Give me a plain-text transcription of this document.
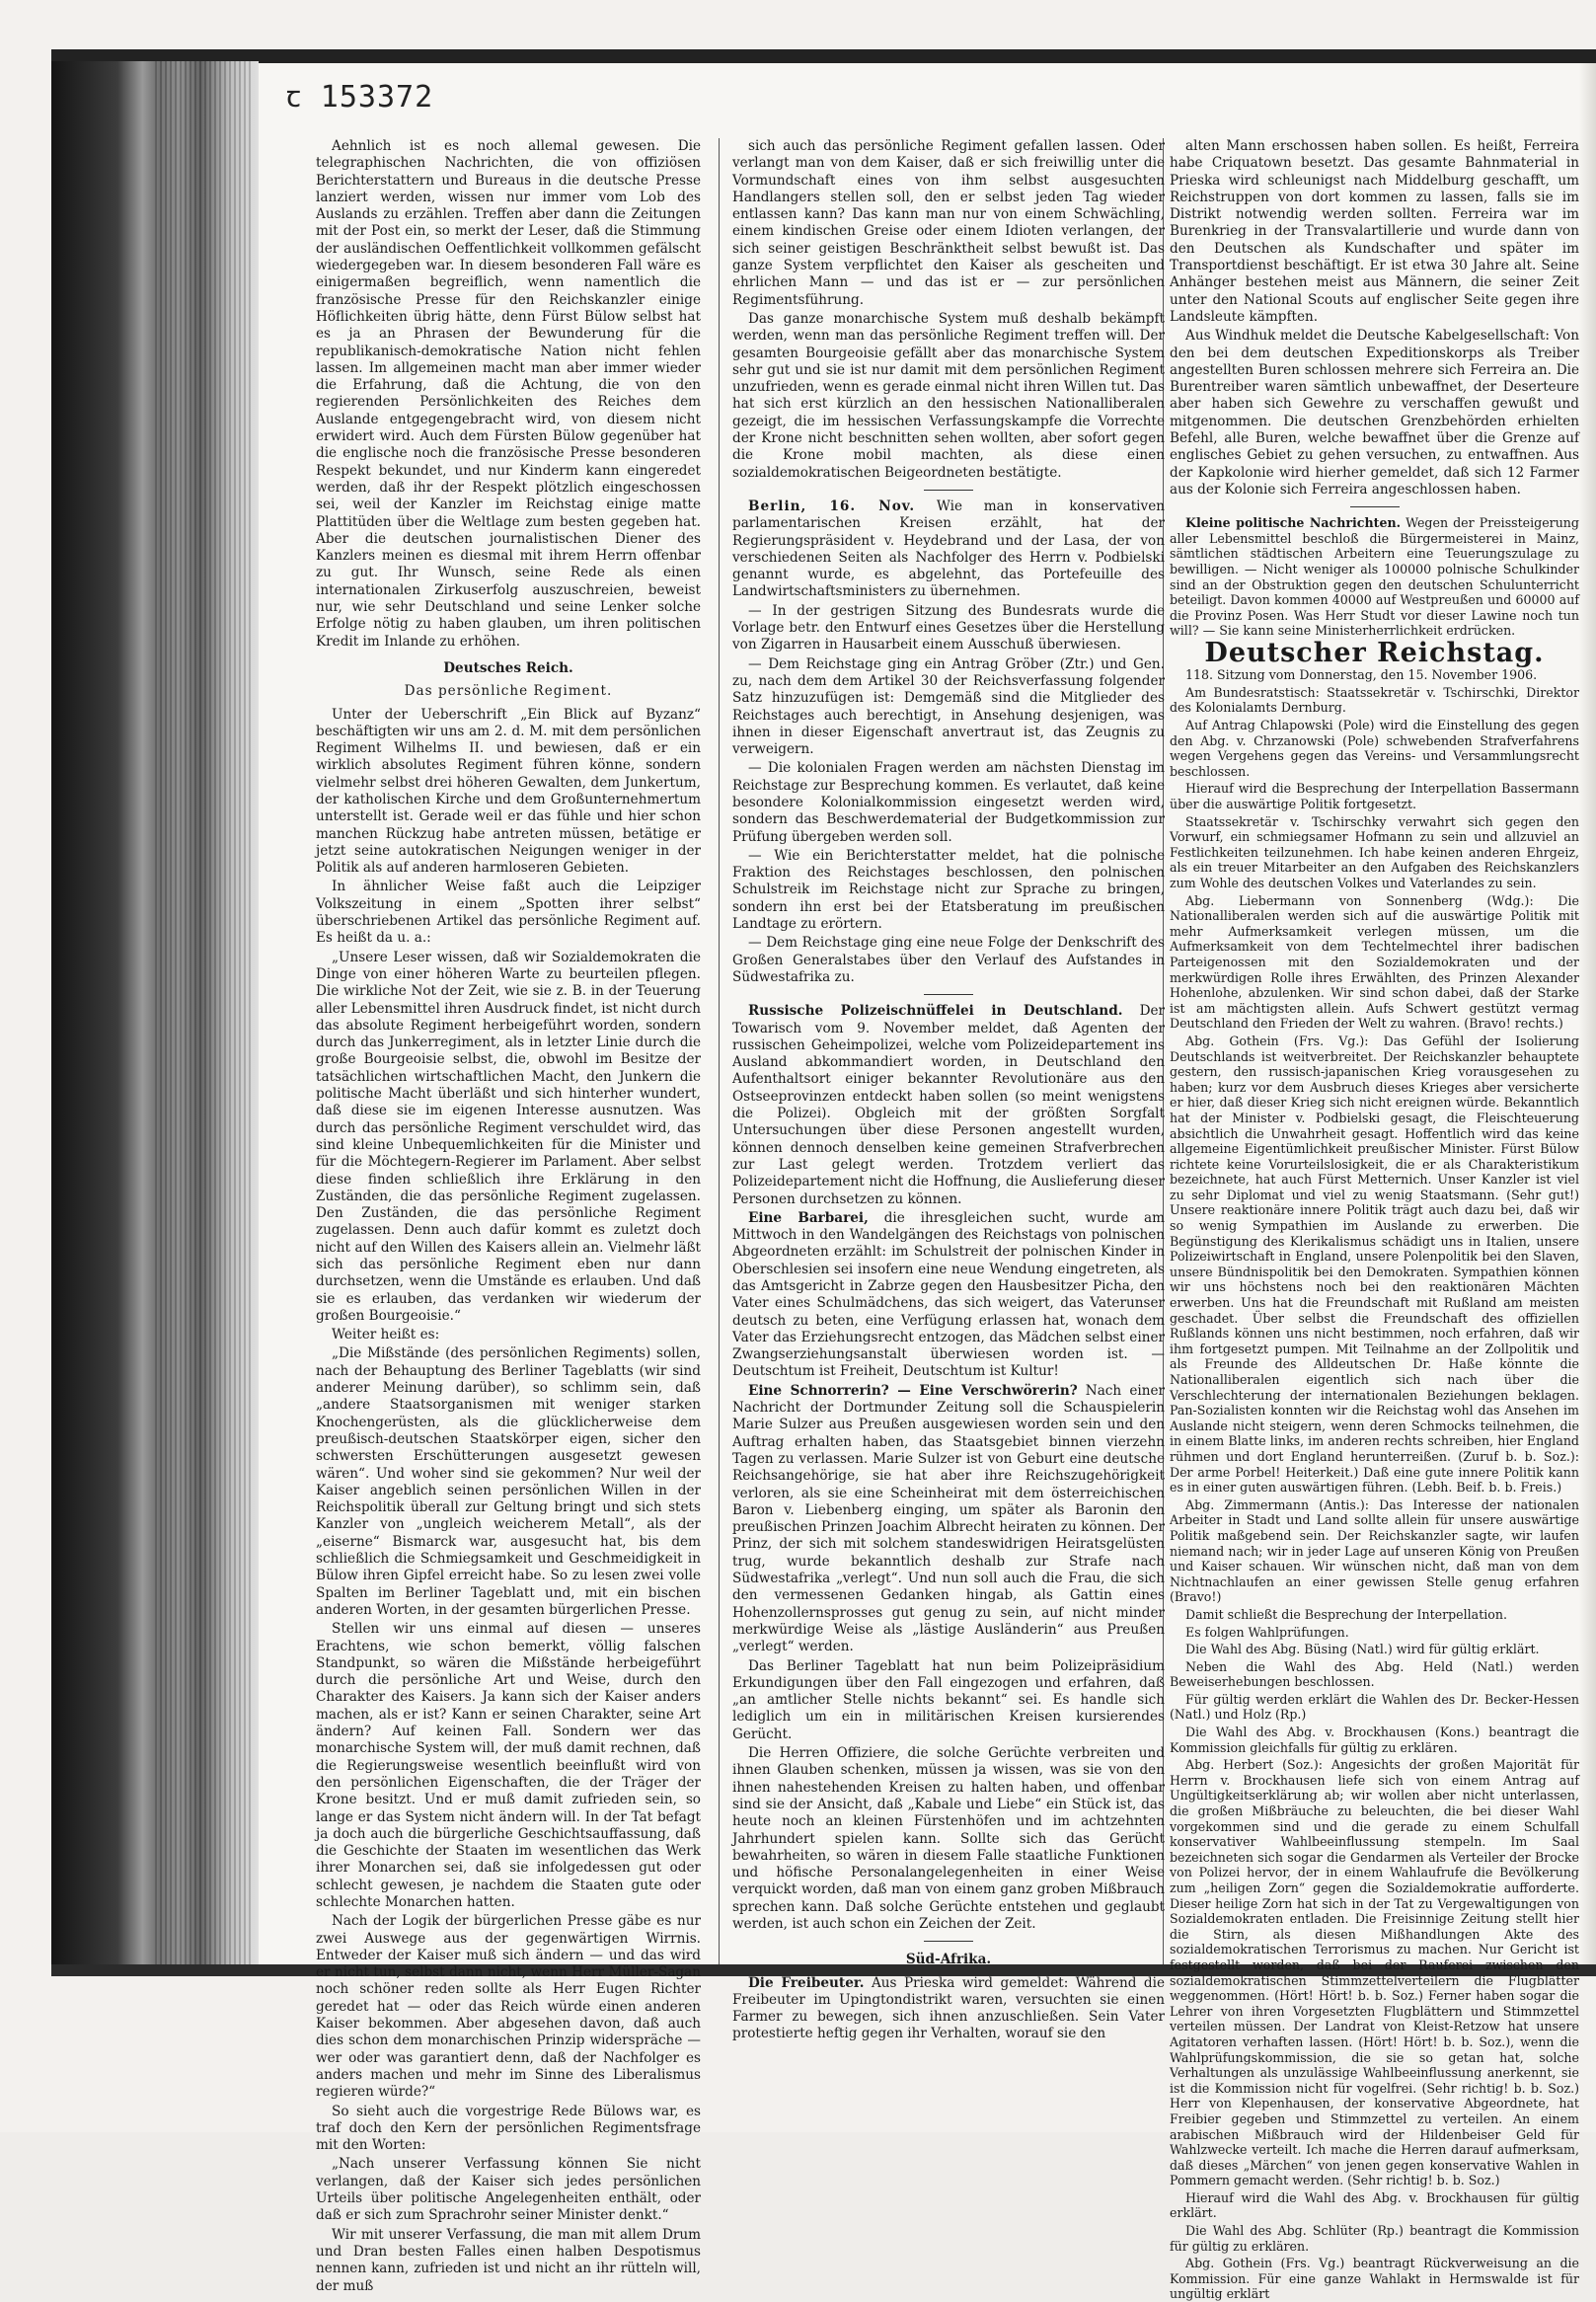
ꞇ 153372

Aehnlich ist es noch allemal gewesen. Die telegraphischen Nachrichten, die von offiziösen Berichterstattern und Bureaus in die deutsche Presse lanziert werden, wissen nur immer vom Lob des Auslands zu erzählen. Treffen aber dann die Zeitungen mit der Post ein, so merkt der Leser, daß die Stimmung der ausländischen Oeffentlichkeit vollkommen gefälscht wiedergegeben war. In diesem besonderen Fall wäre es einigermaßen begreiflich, wenn namentlich die französische Presse für den Reichskanzler einige Höflichkeiten übrig hätte, denn Fürst Bülow selbst hat es ja an Phrasen der Bewunderung für die republikanisch-demokratische Nation nicht fehlen lassen. Im allgemeinen macht man aber immer wieder die Erfahrung, daß die Achtung, die von den regierenden Persönlichkeiten des Reiches dem Auslande entgegengebracht wird, von diesem nicht erwidert wird. Auch dem Fürsten Bülow gegenüber hat die englische noch die französische Presse besonderen Respekt bekundet, und nur Kinderm kann eingeredet werden, daß ihr der Respekt plötzlich eingeschossen sei, weil der Kanzler im Reichstag einige matte Plattitüden über die Weltlage zum besten gegeben hat. Aber die deutschen journalistischen Diener des Kanzlers meinen es diesmal mit ihrem Herrn offenbar zu gut. Ihr Wunsch, seine Rede als einen internationalen Zirkuserfolg auszuschreien, beweist nur, wie sehr Deutschland und seine Lenker solche Erfolge nötig zu haben glauben, um ihren politischen Kredit im Inlande zu erhöhen.

Deutsches Reich.
Das persönliche Regiment.

Unter der Ueberschrift „Ein Blick auf Byzanz“ beschäftigten wir uns am 2. d. M. mit dem persönlichen Regiment Wilhelms II. und bewiesen, daß er ein wirklich absolutes Regiment führen könne, sondern vielmehr selbst drei höheren Gewalten, dem Junkertum, der katholischen Kirche und dem Großunternehmertum unterstellt ist. Gerade weil er das fühle und hier schon manchen Rückzug habe antreten müssen, betätige er jetzt seine autokratischen Neigungen weniger in der Politik als auf anderen harmloseren Gebieten.

In ähnlicher Weise faßt auch die Leipziger Volkszeitung in einem „Spotten ihrer selbst“ überschriebenen Artikel das persönliche Regiment auf. Es heißt da u. a.:

„Unsere Leser wissen, daß wir Sozialdemokraten die Dinge von einer höheren Warte zu beurteilen pflegen. Die wirkliche Not der Zeit, wie sie z. B. in der Teuerung aller Lebensmittel ihren Ausdruck findet, ist nicht durch das absolute Regiment herbeigeführt worden, sondern durch das Junkerregiment, als in letzter Linie durch die große Bourgeoisie selbst, die, obwohl im Besitze der tatsächlichen wirtschaftlichen Macht, den Junkern die politische Macht überläßt und sich hinterher wundert, daß diese sie im eigenen Interesse ausnutzen. Was durch das persönliche Regiment verschuldet wird, das sind kleine Unbequemlichkeiten für die Minister und für die Möchtegern-Regierer im Parlament. Aber selbst diese finden schließlich ihre Erklärung in den Zuständen, die das persönliche Regiment zugelassen. Den Zuständen, die das persönliche Regiment zugelassen. Denn auch dafür kommt es zuletzt doch nicht auf den Willen des Kaisers allein an. Vielmehr läßt sich das persönliche Regiment eben nur dann durchsetzen, wenn die Umstände es erlauben. Und daß sie es erlauben, das verdanken wir wiederum der großen Bourgeoisie.“

Weiter heißt es:

„Die Mißstände (des persönlichen Regiments) sollen, nach der Behauptung des Berliner Tageblatts (wir sind anderer Meinung darüber), so schlimm sein, daß „andere Staatsorganismen mit weniger starken Knochengerüsten, als die glücklicherweise dem preußisch-deutschen Staatskörper eigen, sicher den schwersten Erschütterungen ausgesetzt gewesen wären“. Und woher sind sie gekommen? Nur weil der Kaiser angeblich seinen persönlichen Willen in der Reichspolitik überall zur Geltung bringt und sich stets Kanzler von „ungleich weicherem Metall“, als der „eiserne“ Bismarck war, ausgesucht hat, bis dem schließlich die Schmiegsamkeit und Geschmeidigkeit in Bülow ihren Gipfel erreicht habe. So zu lesen zwei volle Spalten im Berliner Tageblatt und, mit ein bischen anderen Worten, in der gesamten bürgerlichen Presse.

Stellen wir uns einmal auf diesen — unseres Erachtens, wie schon bemerkt, völlig falschen Standpunkt, so wären die Mißstände herbeigeführt durch die persönliche Art und Weise, durch den Charakter des Kaisers. Ja kann sich der Kaiser anders machen, als er ist? Kann er seinen Charakter, seine Art ändern? Auf keinen Fall. Sondern wer das monarchische System will, der muß damit rechnen, daß die Regierungsweise wesentlich beeinflußt wird von den persönlichen Eigenschaften, die der Träger der Krone besitzt. Und er muß damit zufrieden sein, so lange er das System nicht ändern will. In der Tat befagt ja doch auch die bürgerliche Geschichtsauffassung, daß die Geschichte der Staaten im wesentlichen das Werk ihrer Monarchen sei, daß sie infolgedessen gut oder schlecht gewesen, je nachdem die Staaten gute oder schlechte Monarchen hatten.

Nach der Logik der bürgerlichen Presse gäbe es nur zwei Auswege aus der gegenwärtigen Wirrnis. Entweder der Kaiser muß sich ändern — und das wird er nicht tun, selbst dann nicht, wenn Herr Müller-Sagan noch schöner reden sollte als Herr Eugen Richter geredet hat — oder das Reich würde einen anderen Kaiser bekommen. Aber abgesehen davon, daß auch dies schon dem monarchischen Prinzip widerspräche — wer oder was garantiert denn, daß der Nachfolger es anders machen und mehr im Sinne des Liberalismus regieren würde?“

So sieht auch die vorgestrige Rede Bülows war, es traf doch den Kern der persönlichen Regimentsfrage mit den Worten:

„Nach unserer Verfassung können Sie nicht verlangen, daß der Kaiser sich jedes persönlichen Urteils über politische Angelegenheiten enthält, oder daß er sich zum Sprachrohr seiner Minister denkt.“

Wir mit unserer Verfassung, die man mit allem Drum und Dran besten Falles einen halben Despotismus nennen kann, zufrieden ist und nicht an ihr rütteln will, der muß

sich auch das persönliche Regiment gefallen lassen. Oder verlangt man von dem Kaiser, daß er sich freiwillig unter die Vormundschaft eines von ihm selbst ausgesuchten Handlangers stellen soll, den er selbst jeden Tag wieder entlassen kann? Das kann man nur von einem Schwächling, einem kindischen Greise oder einem Idioten verlangen, der sich seiner geistigen Beschränktheit selbst bewußt ist. Das ganze System verpflichtet den Kaiser als gescheiten und ehrlichen Mann — und das ist er — zur persönlichen Regimentsführung.

Das ganze monarchische System muß deshalb bekämpft werden, wenn man das persönliche Regiment treffen will. Der gesamten Bourgeoisie gefällt aber das monarchische System sehr gut und sie ist nur damit mit dem persönlichen Regiment unzufrieden, wenn es gerade einmal nicht ihren Willen tut. Das hat sich erst kürzlich an den hessischen Nationalliberalen gezeigt, die im hessischen Verfassungskampfe die Vorrechte der Krone nicht beschnitten sehen wollten, aber sofort gegen die Krone mobil machten, als diese einen sozialdemokratischen Beigeordneten bestätigte.

Berlin, 16. Nov. Wie man in konservativen parlamentarischen Kreisen erzählt, hat der Regierungspräsident v. Heydebrand und der Lasa, der von verschiedenen Seiten als Nachfolger des Herrn v. Podbielski genannt wurde, es abgelehnt, das Portefeuille des Landwirtschaftsministers zu übernehmen.

— In der gestrigen Sitzung des Bundesrats wurde die Vorlage betr. den Entwurf eines Gesetzes über die Herstellung von Zigarren in Hausarbeit einem Ausschuß überwiesen.

— Dem Reichstage ging ein Antrag Gröber (Ztr.) und Gen. zu, nach dem dem Artikel 30 der Reichsverfassung folgender Satz hinzuzufügen ist: Demgemäß sind die Mitglieder des Reichstages auch berechtigt, in Ansehung desjenigen, was ihnen in dieser Eigenschaft anvertraut ist, das Zeugnis zu verweigern.

— Die kolonialen Fragen werden am nächsten Dienstag im Reichstage zur Besprechung kommen. Es verlautet, daß keine besondere Kolonialkommission eingesetzt werden wird, sondern das Beschwerdematerial der Budgetkommission zur Prüfung übergeben werden soll.

— Wie ein Berichterstatter meldet, hat die polnische Fraktion des Reichstages beschlossen, den polnischen Schulstreik im Reichstage nicht zur Sprache zu bringen, sondern ihn erst bei der Etatsberatung im preußischen Landtage zu erörtern.

— Dem Reichstage ging eine neue Folge der Denkschrift des Großen Generalstabes über den Verlauf des Aufstandes in Südwestafrika zu.

Russische Polizeischnüffelei in Deutschland. Der Towarisch vom 9. November meldet, daß Agenten der russischen Geheimpolizei, welche vom Polizeidepartement ins Ausland abkommandiert worden, in Deutschland den Aufenthaltsort einiger bekannter Revolutionäre aus den Ostseeprovinzen entdeckt haben sollen (so meint wenigstens die Polizei). Obgleich mit der größten Sorgfalt Untersuchungen über diese Personen angestellt wurden, können dennoch denselben keine gemeinen Strafverbrechen zur Last gelegt werden. Trotzdem verliert das Polizeidepartement nicht die Hoffnung, die Auslieferung dieser Personen durchsetzen zu können.

Eine Barbarei, die ihresgleichen sucht, wurde am Mittwoch in den Wandelgängen des Reichstags von polnischen Abgeordneten erzählt: im Schulstreit der polnischen Kinder in Oberschlesien sei insofern eine neue Wendung eingetreten, als das Amtsgericht in Zabrze gegen den Hausbesitzer Picha, den Vater eines Schulmädchens, das sich weigert, das Vaterunser deutsch zu beten, eine Verfügung erlassen hat, wonach dem Vater das Erziehungsrecht entzogen, das Mädchen selbst einer Zwangserziehungsanstalt überwiesen worden ist. — Deutschtum ist Freiheit, Deutschtum ist Kultur!

Eine Schnorrerin? — Eine Verschwörerin? Nach einer Nachricht der Dortmunder Zeitung soll die Schauspielerin Marie Sulzer aus Preußen ausgewiesen worden sein und den Auftrag erhalten haben, das Staatsgebiet binnen vierzehn Tagen zu verlassen. Marie Sulzer ist von Geburt eine deutsche Reichsangehörige, sie hat aber ihre Reichszugehörigkeit verloren, als sie eine Scheinheirat mit dem österreichischen Baron v. Liebenberg einging, um später als Baronin den preußischen Prinzen Joachim Albrecht heiraten zu können. Der Prinz, der sich mit solchem standeswidrigen Heiratsgelüsten trug, wurde bekanntlich deshalb zur Strafe nach Südwestafrika „verlegt“. Und nun soll auch die Frau, die sich den vermessenen Gedanken hingab, als Gattin eines Hohenzollernsprosses gut genug zu sein, auf nicht minder merkwürdige Weise als „lästige Ausländerin“ aus Preußen „verlegt“ werden.

Das Berliner Tageblatt hat nun beim Polizeipräsidium Erkundigungen über den Fall eingezogen und erfahren, daß „an amtlicher Stelle nichts bekannt“ sei. Es handle sich lediglich um ein in militärischen Kreisen kursierendes Gerücht.

Die Herren Offiziere, die solche Gerüchte verbreiten und ihnen Glauben schenken, müssen ja wissen, was sie von den ihnen nahestehenden Kreisen zu halten haben, und offenbar sind sie der Ansicht, daß „Kabale und Liebe“ ein Stück ist, das heute noch an kleinen Fürstenhöfen und im achtzehnten Jahrhundert spielen kann. Sollte sich das Gerücht bewahrheiten, so wären in diesem Falle staatliche Funktionen und höfische Personalangelegenheiten in einer Weise verquickt worden, daß man von einem ganz groben Mißbrauch sprechen kann. Daß solche Gerüchte entstehen und geglaubt werden, ist auch schon ein Zeichen der Zeit.

Süd-Afrika.

Die Freibeuter. Aus Prieska wird gemeldet: Während die Freibeuter im Upingtondistrikt waren, versuchten sie einen Farmer zu bewegen, sich ihnen anzuschließen. Sein Vater protestierte heftig gegen ihr Verhalten, worauf sie den

alten Mann erschossen haben sollen. Es heißt, Ferreira habe Criquatown besetzt. Das gesamte Bahnmaterial in Prieska wird schleunigst nach Middelburg geschafft, um Reichstruppen von dort kommen zu lassen, falls sie im Distrikt notwendig werden sollten. Ferreira war im Burenkrieg in der Transvalartillerie und wurde dann von den Deutschen als Kundschafter und später im Transportdienst beschäftigt. Er ist etwa 30 Jahre alt. Seine Anhänger bestehen meist aus Männern, die seiner Zeit unter den National Scouts auf englischer Seite gegen ihre Landsleute kämpften.

Aus Windhuk meldet die Deutsche Kabelgesellschaft: Von den bei dem deutschen Expeditionskorps als Treiber angestellten Buren schlossen mehrere sich Ferreira an. Die Burentreiber waren sämtlich unbewaffnet, der Deserteure aber haben sich Gewehre zu verschaffen gewußt und mitgenommen. Die deutschen Grenzbehörden erhielten Befehl, alle Buren, welche bewaffnet über die Grenze auf englisches Gebiet zu gehen versuchen, zu entwaffnen. Aus der Kapkolonie wird hierher gemeldet, daß sich 12 Farmer aus der Kolonie sich Ferreira angeschlossen haben.

Kleine politische Nachrichten. Wegen der Preissteigerung aller Lebensmittel beschloß die Bürgermeisterei in Mainz, sämtlichen städtischen Arbeitern eine Teuerungszulage zu bewilligen. — Nicht weniger als 100000 polnische Schulkinder sind an der Obstruktion gegen den deutschen Schulunterricht beteiligt. Davon kommen 40000 auf Westpreußen und 60000 auf die Provinz Posen. Was Herr Studt vor dieser Lawine noch tun will? — Sie kann seine Ministerherrlichkeit erdrücken.

Deutscher Reichstag.

118. Sitzung vom Donnerstag, den 15. November 1906.

Am Bundesratstisch: Staatssekretär v. Tschirschki, Direktor des Kolonialamts Dernburg.

Auf Antrag Chlapowski (Pole) wird die Einstellung des gegen den Abg. v. Chrzanowski (Pole) schwebenden Strafverfahrens wegen Vergehens gegen das Vereins- und Versammlungsrecht beschlossen.

Hierauf wird die Besprechung der Interpellation Bassermann über die auswärtige Politik fortgesetzt.

Staatssekretär v. Tschirschky verwahrt sich gegen den Vorwurf, ein schmiegsamer Hofmann zu sein und allzuviel an Festlichkeiten teilzunehmen. Ich habe keinen anderen Ehrgeiz, als ein treuer Mitarbeiter an den Aufgaben des Reichskanzlers zum Wohle des deutschen Volkes und Vaterlandes zu sein.

Abg. Liebermann von Sonnenberg (Wdg.): Die Nationalliberalen werden sich auf die auswärtige Politik mit mehr Aufmerksamkeit verlegen müssen, um die Aufmerksamkeit von dem Techtelmechtel ihrer badischen Parteigenossen mit den Sozialdemokraten und der merkwürdigen Rolle ihres Erwählten, des Prinzen Alexander Hohenlohe, abzulenken. Wir sind schon dabei, daß der Starke ist am mächtigsten allein. Aufs Schwert gestützt vermag Deutschland den Frieden der Welt zu wahren. (Bravo! rechts.)

Abg. Gothein (Frs. Vg.): Das Gefühl der Isolierung Deutschlands ist weitverbreitet. Der Reichskanzler behauptete gestern, den russisch-japanischen Krieg vorausgesehen zu haben; kurz vor dem Ausbruch dieses Krieges aber versicherte er hier, daß dieser Krieg sich nicht ereignen würde. Bekanntlich hat der Minister v. Podbielski gesagt, die Fleischteuerung absichtlich die Unwahrheit gesagt. Hoffentlich wird das keine allgemeine Eigentümlichkeit preußischer Minister. Fürst Bülow richtete keine Vorurteilslosigkeit, die er als Charakteristikum bezeichnete, hat auch Fürst Metternich. Unser Kanzler ist viel zu sehr Diplomat und viel zu wenig Staatsmann. (Sehr gut!) Unsere reaktionäre innere Politik trägt auch dazu bei, daß wir so wenig Sympathien im Auslande zu erwerben. Die Begünstigung des Klerikalismus schädigt uns in Italien, unsere Polizeiwirtschaft in England, unsere Polenpolitik bei den Slaven, unsere Bündnispolitik bei den Demokraten. Sympathien können wir uns höchstens noch bei den reaktionären Mächten erwerben. Uns hat die Freundschaft mit Rußland am meisten geschadet. Über selbst die Freundschaft des offiziellen Rußlands können uns nicht bestimmen, noch erfahren, daß wir ihm fortgesetzt pumpen. Mit Teilnahme an der Zollpolitik und als Freunde des Alldeutschen Dr. Haße könnte die Nationalliberalen eigentlich sich nach über die Verschlechterung der internationalen Beziehungen beklagen. Pan-Sozialisten konnten wir die Reichstag wohl das Ansehen im Auslande nicht steigern, wenn deren Schmocks teilnehmen, die in einem Blatte links, im anderen rechts schreiben, hier England rühmen und dort England herunterreißen. (Zuruf b. b. Soz.): Der arme Porbel! Heiterkeit.) Daß eine gute innere Politik kann es in einer guten auswärtigen führen. (Lebh. Beif. b. b. Freis.)

Abg. Zimmermann (Antis.): Das Interesse der nationalen Arbeiter in Stadt und Land sollte allein für unsere auswärtige Politik maßgebend sein. Der Reichskanzler sagte, wir laufen niemand nach; wir in jeder Lage auf unseren König von Preußen und Kaiser schauen. Wir wünschen nicht, daß man von dem Nichtnachlaufen an einer gewissen Stelle genug erfahren (Bravo!)

Damit schließt die Besprechung der Interpellation.

Es folgen Wahlprüfungen.

Die Wahl des Abg. Büsing (Natl.) wird für gültig erklärt.

Neben die Wahl des Abg. Held (Natl.) werden Beweiserhebungen beschlossen.

Für gültig werden erklärt die Wahlen des Dr. Becker-Hessen (Natl.) und Holz (Rp.)

Die Wahl des Abg. v. Brockhausen (Kons.) beantragt die Kommission gleichfalls für gültig zu erklären.

Abg. Herbert (Soz.): Angesichts der großen Majorität für Herrn v. Brockhausen liefe sich von einem Antrag auf Ungültigkeitserklärung ab; wir wollen aber nicht unterlassen, die großen Mißbräuche zu beleuchten, die bei dieser Wahl vorgekommen sind und die gerade zu einem Schulfall konservativer Wahlbeeinflussung stempeln. Im Saal bezeichneten sich sogar die Gendarmen als Verteiler der Brocke von Polizei hervor, der in einem Wahlaufrufe die Bevölkerung zum „heiligen Zorn“ gegen die Sozialdemokratie aufforderte. Dieser heilige Zorn hat sich in der Tat zu Vergewaltigungen von Sozialdemokraten entladen. Die Freisinnige Zeitung stellt hier die Stirn, als diesen Mißhandlungen Akte des sozialdemokratischen Terrorismus zu machen. Nur Gericht ist festgestellt worden, daß bei der Rauferei zwischen den sozialdemokratischen Stimmzettelverteilern die Flugblätter weggenommen. (Hört! Hört! b. b. Soz.) Ferner haben sogar die Lehrer von ihren Vorgesetzten Flugblättern und Stimmzettel verteilen müssen. Der Landrat von Kleist-Retzow hat unsere Agitatoren verhaften lassen. (Hört! Hört! b. b. Soz.), wenn die Wahlprüfungskommission, die sie so getan hat, solche Verhaltungen als unzulässige Wahlbeeinflussung anerkennt, sie ist die Kommission nicht für vogelfrei. (Sehr richtig! b. b. Soz.) Herr von Klepenhausen, der konservative Abgeordnete, hat Freibier gegeben und Stimmzettel zu verteilen. An einem arabischen Mißbrauch wird der Hildenbeiser Geld für Wahlzwecke verteilt. Ich mache die Herren darauf aufmerksam, daß dieses „Märchen“ von jenen gegen konservative Wahlen in Pommern gemacht werden. (Sehr richtig! b. b. Soz.)

Hierauf wird die Wahl des Abg. v. Brockhausen für gültig erklärt.

Die Wahl des Abg. Schlüter (Rp.) beantragt die Kommission für gültig zu erklären.

Abg. Gothein (Frs. Vg.) beantragt Rückverweisung an die Kommission. Für eine ganze Wahlakt in Hermswalde ist für ungültig erklärt
